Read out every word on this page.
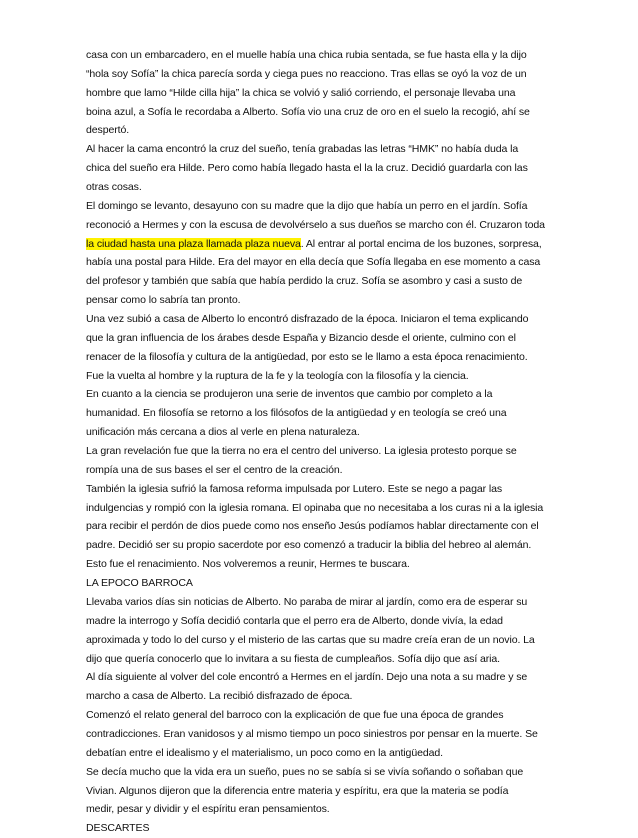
casa con un embarcadero, en el muelle había una chica rubia sentada, se fue hasta ella y la dijo
“hola soy Sofía” la chica parecía sorda y ciega pues no reacciono. Tras ellas se oyó la voz de un
hombre que lamo “Hilde cilla hija” la chica se volvió y salió corriendo, el personaje llevaba una
boina azul, a Sofía le recordaba a Alberto. Sofía vio una cruz de oro en el suelo la recogió, ahí se
despertó.
Al hacer la cama encontró la cruz del sueño, tenía grabadas las letras “HMK” no había duda la
chica del sueño era Hilde. Pero como había llegado hasta el la la cruz. Decidió guardarla con las
otras cosas.
El domingo se levanto, desayuno con su madre que la dijo que había un perro en el jardín. Sofía
reconoció a Hermes y con la escusa de devolvérselo a sus dueños se marcho con él. Cruzaron toda
la ciudad hasta una plaza llamada plaza nueva. Al entrar al portal encima de los buzones, sorpresa,
había una postal para Hilde. Era del mayor en ella decía que Sofía llegaba en ese momento a casa
del profesor y también que sabía que había perdido la cruz. Sofía se asombro y casi a susto de
pensar como lo sabría tan pronto.
Una vez subió a casa de Alberto lo encontró disfrazado de la época. Iniciaron el tema explicando
que la gran influencia de los árabes desde España y Bizancio desde el oriente, culmino con el
renacer de la filosofía y cultura de la antigüedad, por esto se le llamo a esta época renacimiento.
Fue la vuelta al hombre y la ruptura de la fe y la teología con la filosofía y la ciencia.
En cuanto a la ciencia se produjeron una serie de inventos que cambio por completo a la
humanidad. En filosofía se retorno a los filósofos de la antigüedad y en teología se creó una
unificación más cercana a dios al verle en plena naturaleza.
La gran revelación fue que la tierra no era el centro del universo. La iglesia protesto porque se
rompía una de sus bases el ser el centro de la creación.
También la iglesia sufrió la famosa reforma impulsada por Lutero. Este se nego a pagar las
indulgencias y rompió con la iglesia romana. El opinaba que no necesitaba a los curas ni a la iglesia
para recibir el perdón de dios puede como nos enseño Jesús podíamos hablar directamente con el
padre. Decidió ser su propio sacerdote por eso comenzó a traducir la biblia del hebreo al alemán.
Esto fue el renacimiento. Nos volveremos a reunir, Hermes te buscara.
LA EPOCO BARROCA
Llevaba varios días sin noticias de Alberto. No paraba de mirar al jardín, como era de esperar su
madre la interrogo y Sofía decidió contarla que el perro era de Alberto, donde vivía, la edad
aproximada y todo lo del curso y el misterio de las cartas que su madre creía eran de un novio. La
dijo que quería conocerlo que lo invitara a su fiesta de cumpleaños. Sofía dijo que así aria.
Al día siguiente al volver del cole encontró a Hermes en el jardín. Dejo una nota a su madre y se
marcho a casa de Alberto. La recibió disfrazado de época.
Comenzó el relato general del barroco con la explicación de que fue una época de grandes
contradicciones. Eran vanidosos y al mismo tiempo un poco siniestros por pensar en la muerte. Se
debatían entre el idealismo y el materialismo, un poco como en la antigüedad.
Se decía mucho que la vida era un sueño, pues no se sabía si se vivía soñando o soñaban que
Vivian. Algunos dijeron que la diferencia entre materia y espíritu, era que la materia se podía
medir, pesar y dividir y el espíritu eran pensamientos.
DESCARTES
